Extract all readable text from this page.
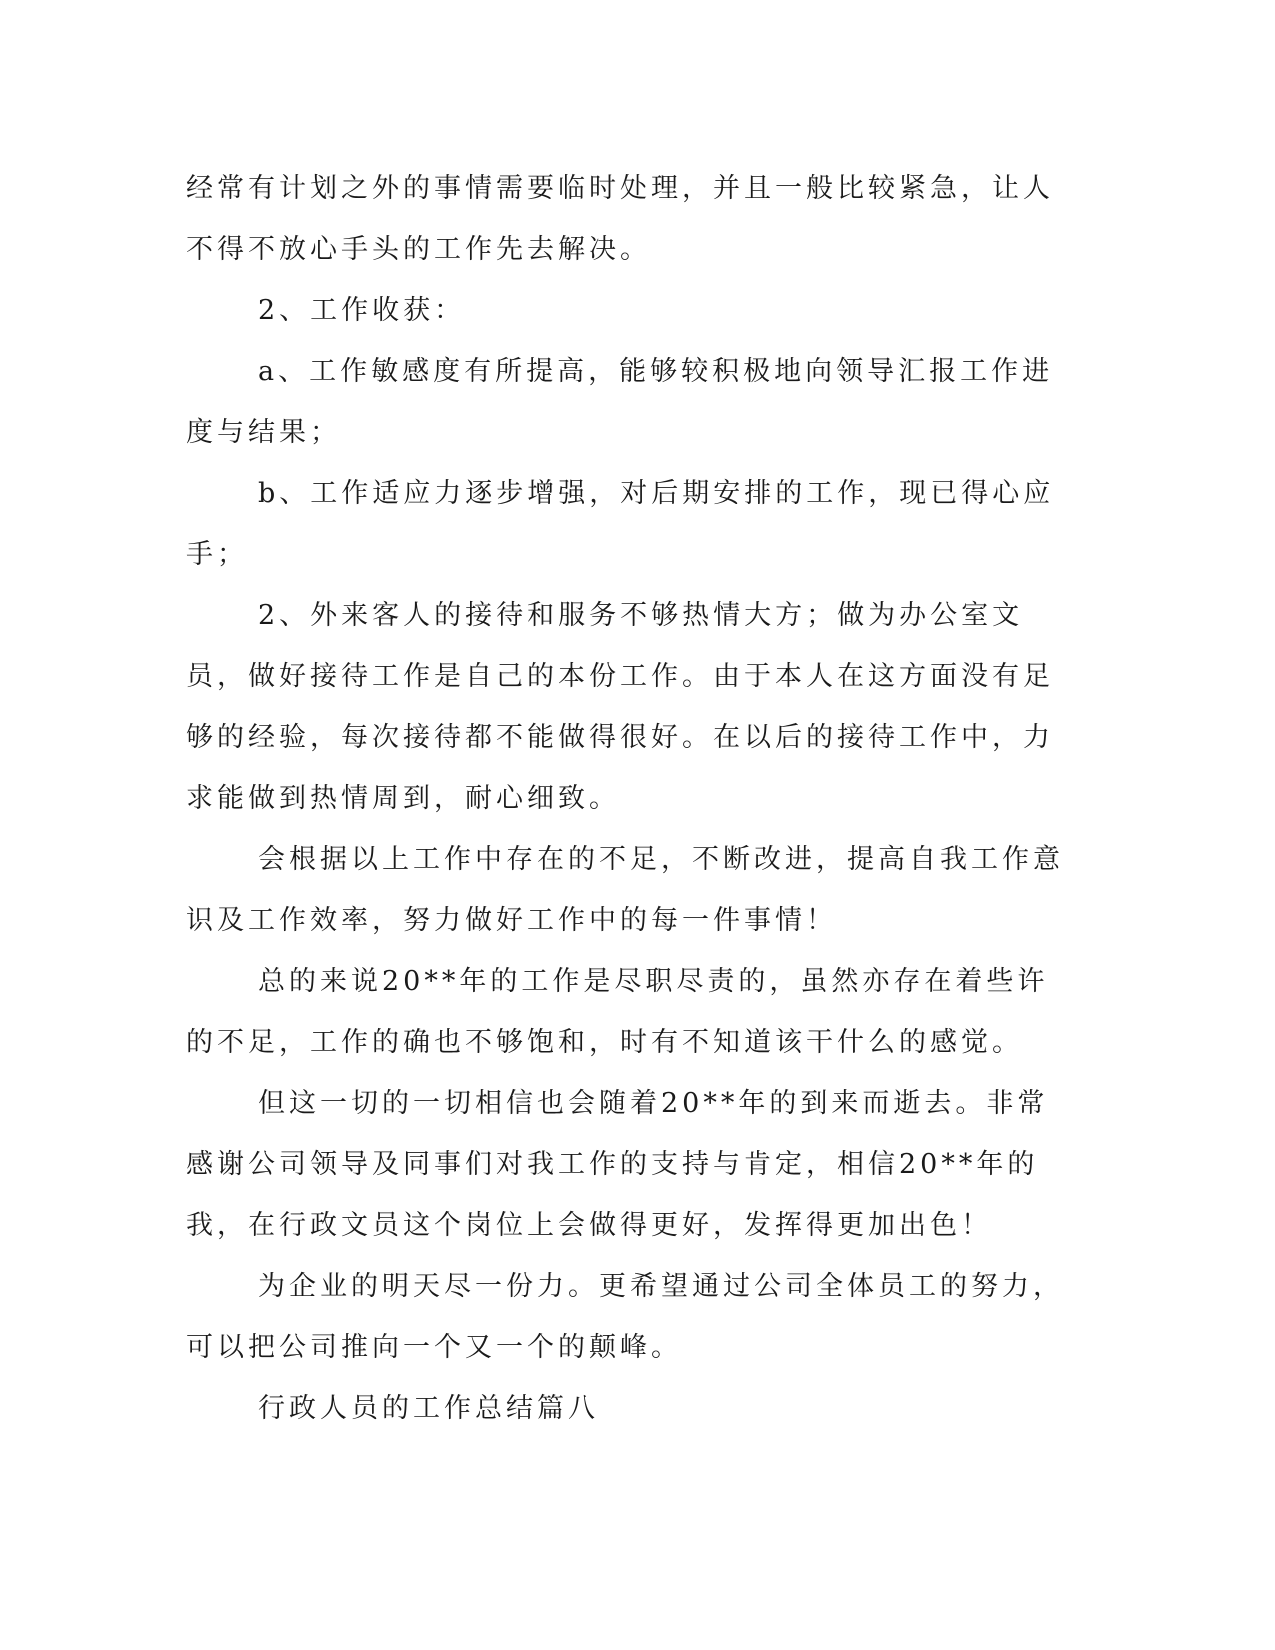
经常有计划之外的事情需要临时处理，并且一般比较紧急，让人不得不放心手头的工作先去解决。

2、工作收获：

a、工作敏感度有所提高，能够较积极地向领导汇报工作进度与结果；

b、工作适应力逐步增强，对后期安排的工作，现已得心应手；

2、外来客人的接待和服务不够热情大方；做为办公室文员，做好接待工作是自己的本份工作。由于本人在这方面没有足够的经验，每次接待都不能做得很好。在以后的接待工作中，力求能做到热情周到，耐心细致。

会根据以上工作中存在的不足，不断改进，提高自我工作意识及工作效率，努力做好工作中的每一件事情！

总的来说20**年的工作是尽职尽责的，虽然亦存在着些许的不足，工作的确也不够饱和，时有不知道该干什么的感觉。

但这一切的一切相信也会随着20**年的到来而逝去。非常感谢公司领导及同事们对我工作的支持与肯定，相信20**年的我，在行政文员这个岗位上会做得更好，发挥得更加出色！

为企业的明天尽一份力。更希望通过公司全体员工的努力，可以把公司推向一个又一个的颠峰。

行政人员的工作总结篇八
